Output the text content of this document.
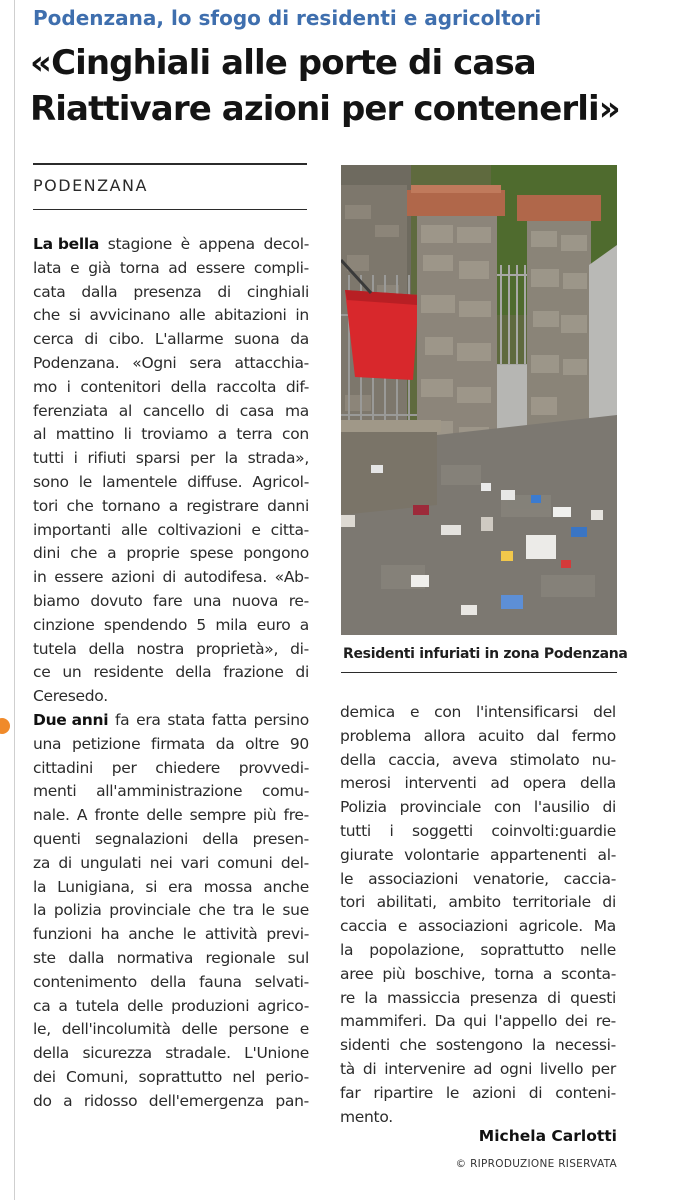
Podenzana, lo sfogo di residenti e agricoltori
«Cinghiali alle porte di casa
Riattivare azioni per contenerli»
PODENZANA
La bella stagione è appena decol-
lata e già torna ad essere compli-
cata dalla presenza di cinghiali
che si avvicinano alle abitazioni in
cerca di cibo. L'allarme suona da
Podenzana. «Ogni sera attacchia-
mo i contenitori della raccolta dif-
ferenziata al cancello di casa ma
al mattino li troviamo a terra con
tutti i rifiuti sparsi per la strada»,
sono le lamentele diffuse. Agricol-
tori che tornano a registrare danni
importanti alle coltivazioni e citta-
dini che a proprie spese pongono
in essere azioni di autodifesa. «Ab-
biamo dovuto fare una nuova re-
cinzione spendendo 5 mila euro a
tutela della nostra proprietà», di-
ce un residente della frazione di
Ceresedo.
Due anni fa era stata fatta persino
una petizione firmata da oltre 90
cittadini per chiedere provvedi-
menti all'amministrazione comu-
nale. A fronte delle sempre più fre-
quenti segnalazioni della presen-
za di ungulati nei vari comuni del-
la Lunigiana, si era mossa anche
la polizia provinciale che tra le sue
funzioni ha anche le attività previ-
ste dalla normativa regionale sul
contenimento della fauna selvati-
ca a tutela delle produzioni agrico-
le, dell'incolumità delle persone e
della sicurezza stradale. L'Unione
dei Comuni, soprattutto nel perio-
do a ridosso dell'emergenza pan-
Residenti infuriati in zona Podenzana
demica e con l'intensificarsi del
problema allora acuito dal fermo
della caccia, aveva stimolato nu-
merosi interventi ad opera della
Polizia provinciale con l'ausilio di
tutti i soggetti coinvolti:guardie
giurate volontarie appartenenti al-
le associazioni venatorie, caccia-
tori abilitati, ambito territoriale di
caccia e associazioni agricole. Ma
la popolazione, soprattutto nelle
aree più boschive, torna a sconta-
re la massiccia presenza di questi
mammiferi. Da qui l'appello dei re-
sidenti che sostengono la necessi-
tà di intervenire ad ogni livello per
far ripartire le azioni di conteni-
mento.
Michela Carlotti
© RIPRODUZIONE RISERVATA
